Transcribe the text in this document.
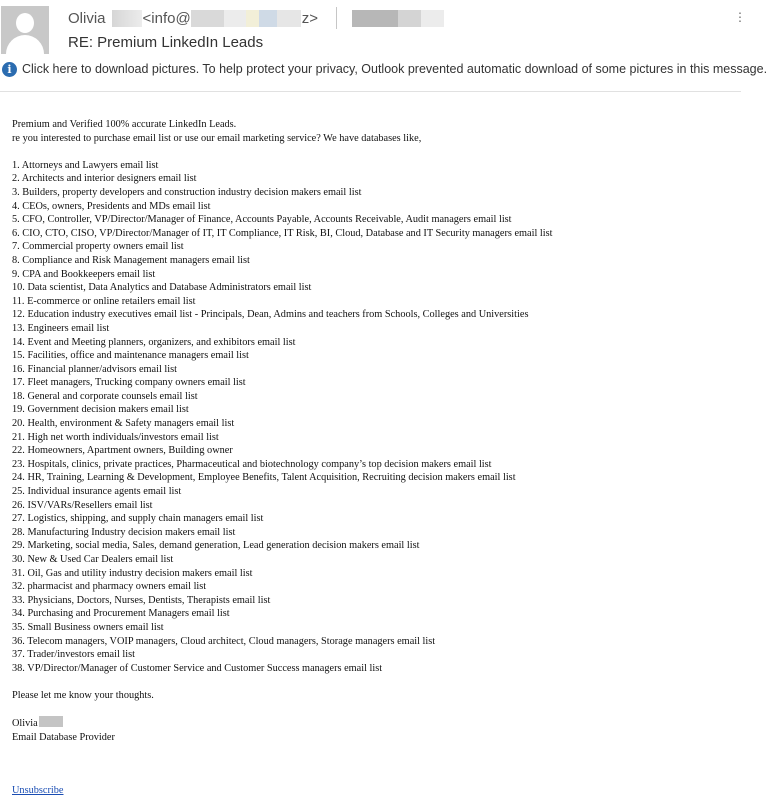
Olivia <info@	z>	⋮
RE: Premium LinkedIn Leads
i Click here to download pictures. To help protect your privacy, Outlook prevented automatic download of some pictures in this message.

Premium and Verified 100% accurate LinkedIn Leads.

re you interested to purchase email list or use our email marketing service? We have databases like,

1. Attorneys and Lawyers email list

2. Architects and interior designers email list

3. Builders, property developers and construction industry decision makers email list

4. CEOs, owners, Presidents and MDs email list

5. CFO, Controller, VP/Director/Manager of Finance, Accounts Payable, Accounts Receivable, Audit managers email list

6. CIO, CTO, CISO, VP/Director/Manager of IT, IT Compliance, IT Risk, BI, Cloud, Database and IT Security managers email list

7. Commercial property owners email list

8. Compliance and Risk Management managers email list

9. CPA and Bookkeepers email list

10. Data scientist, Data Analytics and Database Administrators email list

11. E-commerce or online retailers email list

12. Education industry executives email list - Principals, Dean, Admins and teachers from Schools, Colleges and Universities

13. Engineers email list

14. Event and Meeting planners, organizers, and exhibitors email list

15. Facilities, office and maintenance managers email list

16. Financial planner/advisors email list

17. Fleet managers, Trucking company owners email list

18. General and corporate counsels email list

19. Government decision makers email list

20. Health, environment & Safety managers email list

21. High net worth individuals/investors email list

22. Homeowners, Apartment owners, Building owner

23. Hospitals, clinics, private practices, Pharmaceutical and biotechnology company’s top decision makers email list

24. HR, Training, Learning & Development, Employee Benefits, Talent Acquisition, Recruiting decision makers email list

25. Individual insurance agents email list

26. ISV/VARs/Resellers email list

27. Logistics, shipping, and supply chain managers email list

28. Manufacturing Industry decision makers email list

29. Marketing, social media, Sales, demand generation, Lead generation decision makers email list

30. New & Used Car Dealers email list

31. Oil, Gas and utility industry decision makers email list

32. pharmacist and pharmacy owners email list

33. Physicians, Doctors, Nurses, Dentists, Therapists email list

34. Purchasing and Procurement Managers email list

35. Small Business owners email list

36. Telecom managers, VOIP managers, Cloud architect, Cloud managers, Storage managers email list

37. Trader/investors email list

38. VP/Director/Manager of Customer Service and Customer Success managers email list

Please let me know your thoughts.

Olivia

Email Database Provider

Unsubscribe
